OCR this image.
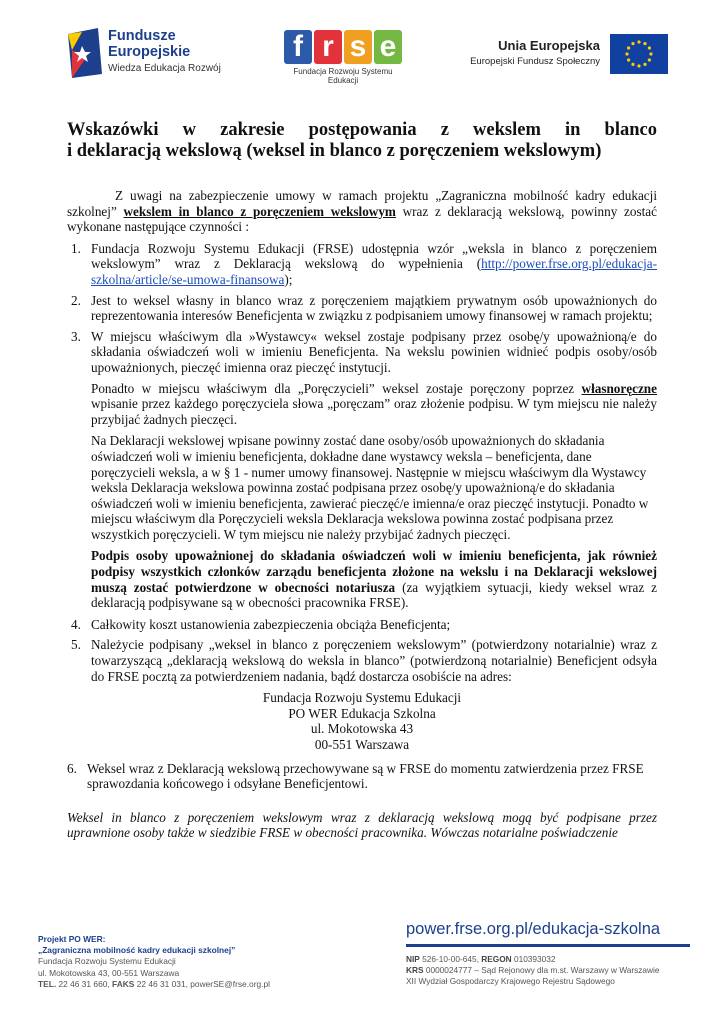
Fundusze
Europejskie
Wiedza Edukacja Rozwój
f r s e
Fundacja Rozwoju Systemu Edukacji
Unia Europejska
Europejski Fundusz Społeczny
Wskazówki w zakresie postępowania z wekslem in blanco
i deklaracją wekslową (weksel in blanco z poręczeniem wekslowym)

Z uwagi na zabezpieczenie umowy w ramach projektu „Zagraniczna mobilność kadry edukacji szkolnej” wekslem in blanco z poręczeniem wekslowym wraz z deklaracją wekslową, powinny zostać wykonane następujące czynności :

1. Fundacja Rozwoju Systemu Edukacji (FRSE) udostępnia wzór „weksla in blanco z poręczeniem wekslowym” wraz z Deklaracją wekslową do wypełnienia (http://power.frse.org.pl/edukacja-szkolna/article/se-umowa-finansowa);
2. Jest to weksel własny in blanco wraz z poręczeniem majątkiem prywatnym osób upoważnionych do reprezentowania interesów Beneficjenta w związku z podpisaniem umowy finansowej w ramach projektu;
3. W miejscu właściwym dla »Wystawcy« weksel zostaje podpisany przez osobę/y upoważnioną/e do składania oświadczeń woli w imieniu Beneficjenta. Na wekslu powinien widnieć podpis osoby/osób upoważnionych, pieczęć imienna oraz pieczęć instytucji.

Ponadto w miejscu właściwym dla „Poręczycieli” weksel zostaje poręczony poprzez własnoręczne wpisanie przez każdego poręczyciela słowa „poręczam” oraz złożenie podpisu. W tym miejscu nie należy przybijać żadnych pieczęci.

Na Deklaracji wekslowej wpisane powinny zostać dane osoby/osób upoważnionych do składania oświadczeń woli w imieniu beneficjenta, dokładne dane wystawcy weksla – beneficjenta, dane poręczycieli weksla, a w § 1 - numer umowy finansowej. Następnie w miejscu właściwym dla Wystawcy weksla Deklaracja wekslowa powinna zostać podpisana przez osobę/y upoważnioną/e do składania oświadczeń woli w imieniu beneficjenta, zawierać pieczęć/e imienna/e oraz pieczęć instytucji. Ponadto w miejscu właściwym dla Poręczycieli weksla Deklaracja wekslowa powinna zostać podpisana przez wszystkich poręczycieli. W tym miejscu nie należy przybijać żadnych pieczęci.

Podpis osoby upoważnionej do składania oświadczeń woli w imieniu beneficjenta, jak również podpisy wszystkich członków zarządu beneficjenta złożone na wekslu i na Deklaracji wekslowej muszą zostać potwierdzone w obecności notariusza (za wyjątkiem sytuacji, kiedy weksel wraz z deklaracją podpisywane są w obecności pracownika FRSE).

4. Całkowity koszt ustanowienia zabezpieczenia obciąża Beneficjenta;
5. Należycie podpisany „weksel in blanco z poręczeniem wekslowym” (potwierdzony notarialnie) wraz z towarzyszącą „deklaracją wekslową do weksla in blanco” (potwierdzoną notarialnie) Beneficjent odsyła do FRSE pocztą za potwierdzeniem nadania, bądź dostarcza osobiście na adres:
Fundacja Rozwoju Systemu Edukacji
PO WER Edukacja Szkolna
ul. Mokotowska 43
00-551 Warszawa
6. Weksel wraz z Deklaracją wekslową przechowywane są w FRSE do momentu zatwierdzenia przez FRSE sprawozdania końcowego i odsyłane Beneficjentowi.

Weksel in blanco z poręczeniem wekslowym wraz z deklaracją wekslową mogą być podpisane przez uprawnione osoby także w siedzibie FRSE w obecności pracownika. Wówczas notarialne poświadczenie

Projekt PO WER:
„Zagraniczna mobilność kadry edukacji szkolnej”
Fundacja Rozwoju Systemu Edukacji
ul. Mokotowska 43, 00-551 Warszawa
TEL. 22 46 31 660, FAKS 22 46 31 031, powerSE@frse.org.pl
power.frse.org.pl/edukacja-szkolna
NIP 526-10-00-645, REGON 010393032
KRS 0000024777 – Sąd Rejonowy dla m.st. Warszawy w Warszawie
XII Wydział Gospodarczy Krajowego Rejestru Sądowego
